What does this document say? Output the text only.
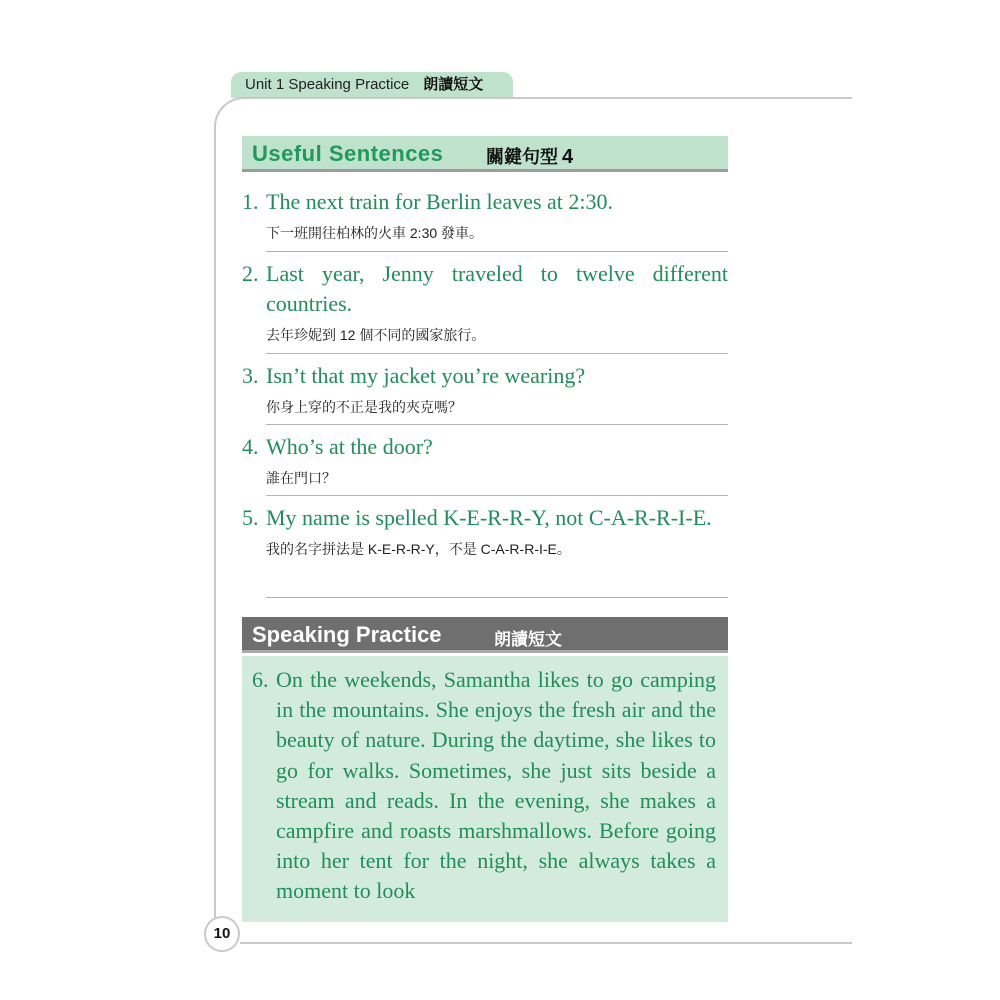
Unit 1 Speaking Practice 朗讀短文
Useful Sentences 關鍵句型 4
1. The next train for Berlin leaves at 2:30.
下一班開往柏林的火車 2:30 發車。
2. Last year, Jenny traveled to twelve different countries.
去年珍妮到 12 個不同的國家旅行。
3. Isn’t that my jacket you’re wearing?
你身上穿的不正是我的夾克嗎？
4. Who’s at the door?
誰在門口？
5. My name is spelled K-E-R-R-Y, not C-A-R-R-I-E.
我的名字拼法是 K-E-R-R-Y，不是 C-A-R-R-I-E。
Speaking Practice	朗讀短文
6. On the weekends, Samantha likes to go camping in the mountains. She enjoys the fresh air and the beauty of nature. During the daytime, she likes to go for walks. Sometimes, she just sits beside a stream and reads. In the evening, she makes a campfire and roasts marshmallows. Before going into her tent for the night, she always takes a moment to look
10
